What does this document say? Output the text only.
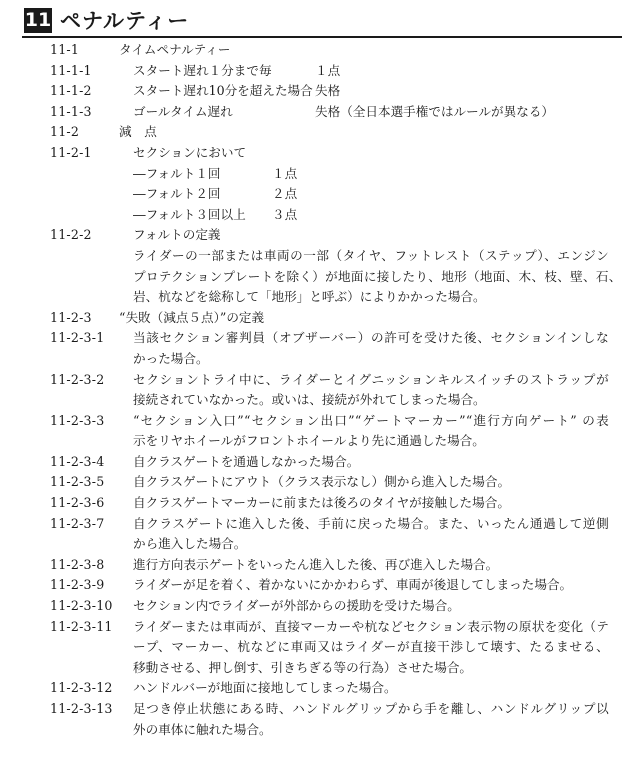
11 ペナルティー
11-1	タイムペナルティー
11-1-1	スタート遅れ１分まで毎	１点
11-1-2	スタート遅れ10分を超えた場合 失格
11-1-3	ゴールタイム遅れ	失格（全日本選手権ではルールが異なる）
11-2	減　点
11-2-1	セクションにおいて
―フォルト１回	１点
―フォルト２回	２点
―フォルト３回以上 ３点
11-2-2	フォルトの定義
ライダーの一部または車両の一部（タイヤ、フットレスト（ステップ）、エンジン
プロテクションプレートを除く）が地面に接したり、地形（地面、木、枝、壁、石、
岩、杭などを総称して「地形」と呼ぶ）によりかかった場合。
11-2-3 “失敗（減点５点）”の定義
11-2-3-1 当該セクション審判員（オブザーバー）の許可を受けた後、セクションインしな
かった場合。
11-2-3-2 セクショントライ中に、ライダーとイグニッションキルスイッチのストラップが
接続されていなかった。或いは、接続が外れてしまった場合。
11-2-3-3 “セクション入口”“セクション出口”“ゲートマーカー”“進行方向ゲート” の表
示をリヤホイールがフロントホイールより先に通過した場合。
11-2-3-4 自クラスゲートを通過しなかった場合。
11-2-3-5 自クラスゲートにアウト（クラス表示なし）側から進入した場合。
11-2-3-6 自クラスゲートマーカーに前または後ろのタイヤが接触した場合。
11-2-3-7 自クラスゲートに進入した後、手前に戻った場合。また、いったん通過して逆側
から進入した場合。
11-2-3-8 進行方向表示ゲートをいったん進入した後、再び進入した場合。
11-2-3-9 ライダーが足を着く、着かないにかかわらず、車両が後退してしまった場合。
11-2-3-10 セクション内でライダーが外部からの援助を受けた場合。
11-2-3-11 ライダーまたは車両が、直接マーカーや杭などセクション表示物の原状を変化（テ
ープ、マーカー、杭などに車両又はライダーが直接干渉して壊す、たるませる、
移動させる、押し倒す、引きちぎる等の行為）させた場合。
11-2-3-12 ハンドルバーが地面に接地してしまった場合。
11-2-3-13 足つき停止状態にある時、ハンドルグリップから手を離し、ハンドルグリップ以
外の車体に触れた場合。
